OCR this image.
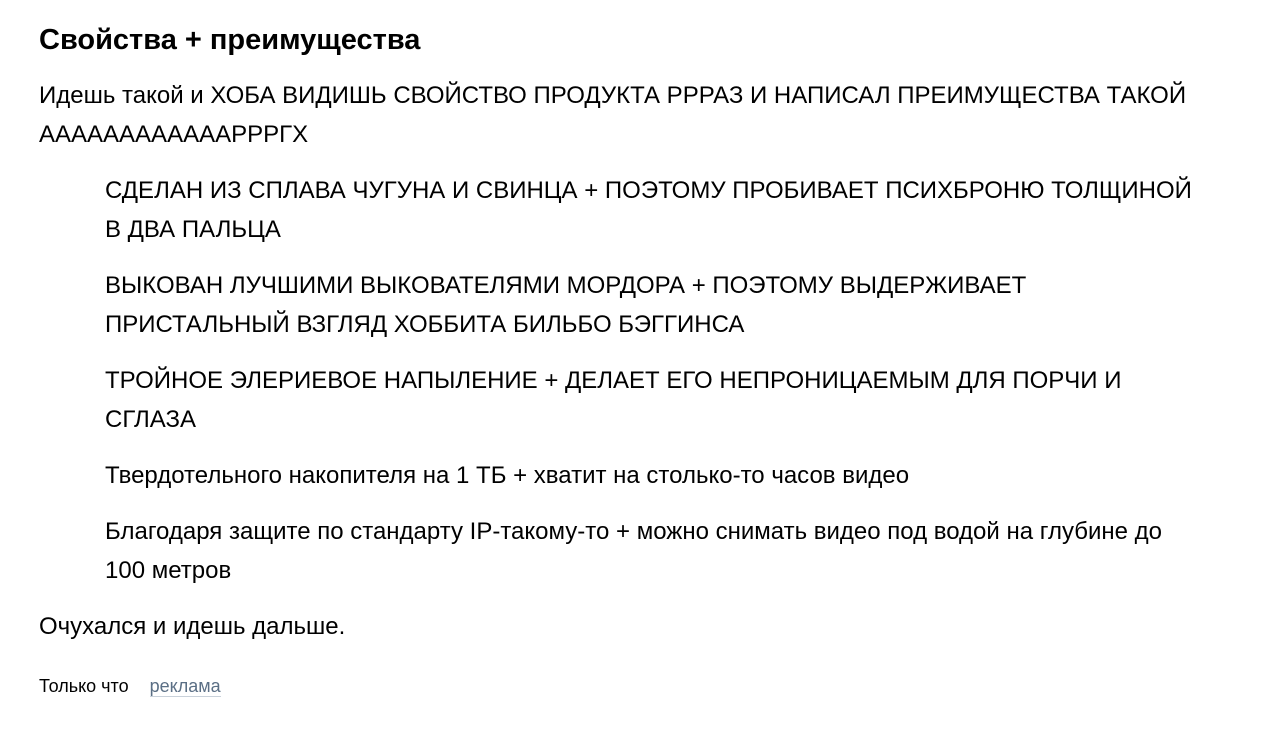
Свойства + преимущества

Идешь такой и ХОБА ВИДИШЬ СВОЙСТВО ПРОДУКТА РРРАЗ И НАПИСАЛ ПРЕИМУЩЕСТВА ТАКОЙ ААААААААААААРРРГХ

СДЕЛАН ИЗ СПЛАВА ЧУГУНА И СВИНЦА + ПОЭТОМУ ПРОБИВАЕТ ПСИХБРОНЮ ТОЛЩИНОЙ В ДВА ПАЛЬЦА
ВЫКОВАН ЛУЧШИМИ ВЫКОВАТЕЛЯМИ МОРДОРА + ПОЭТОМУ ВЫДЕРЖИВАЕТ ПРИСТАЛЬНЫЙ ВЗГЛЯД ХОББИТА БИЛЬБО БЭГГИНСА
ТРОЙНОЕ ЭЛЕРИЕВОЕ НАПЫЛЕНИЕ + ДЕЛАЕТ ЕГО НЕПРОНИЦАЕМЫМ ДЛЯ ПОРЧИ И СГЛАЗА
Твердотельного накопителя на 1 ТБ + хватит на столько-то часов видео
Благодаря защите по стандарту IP-такому-то + можно снимать видео под водой на глубине до 100 метров

Очухался и идешь дальше.

Только что реклама
